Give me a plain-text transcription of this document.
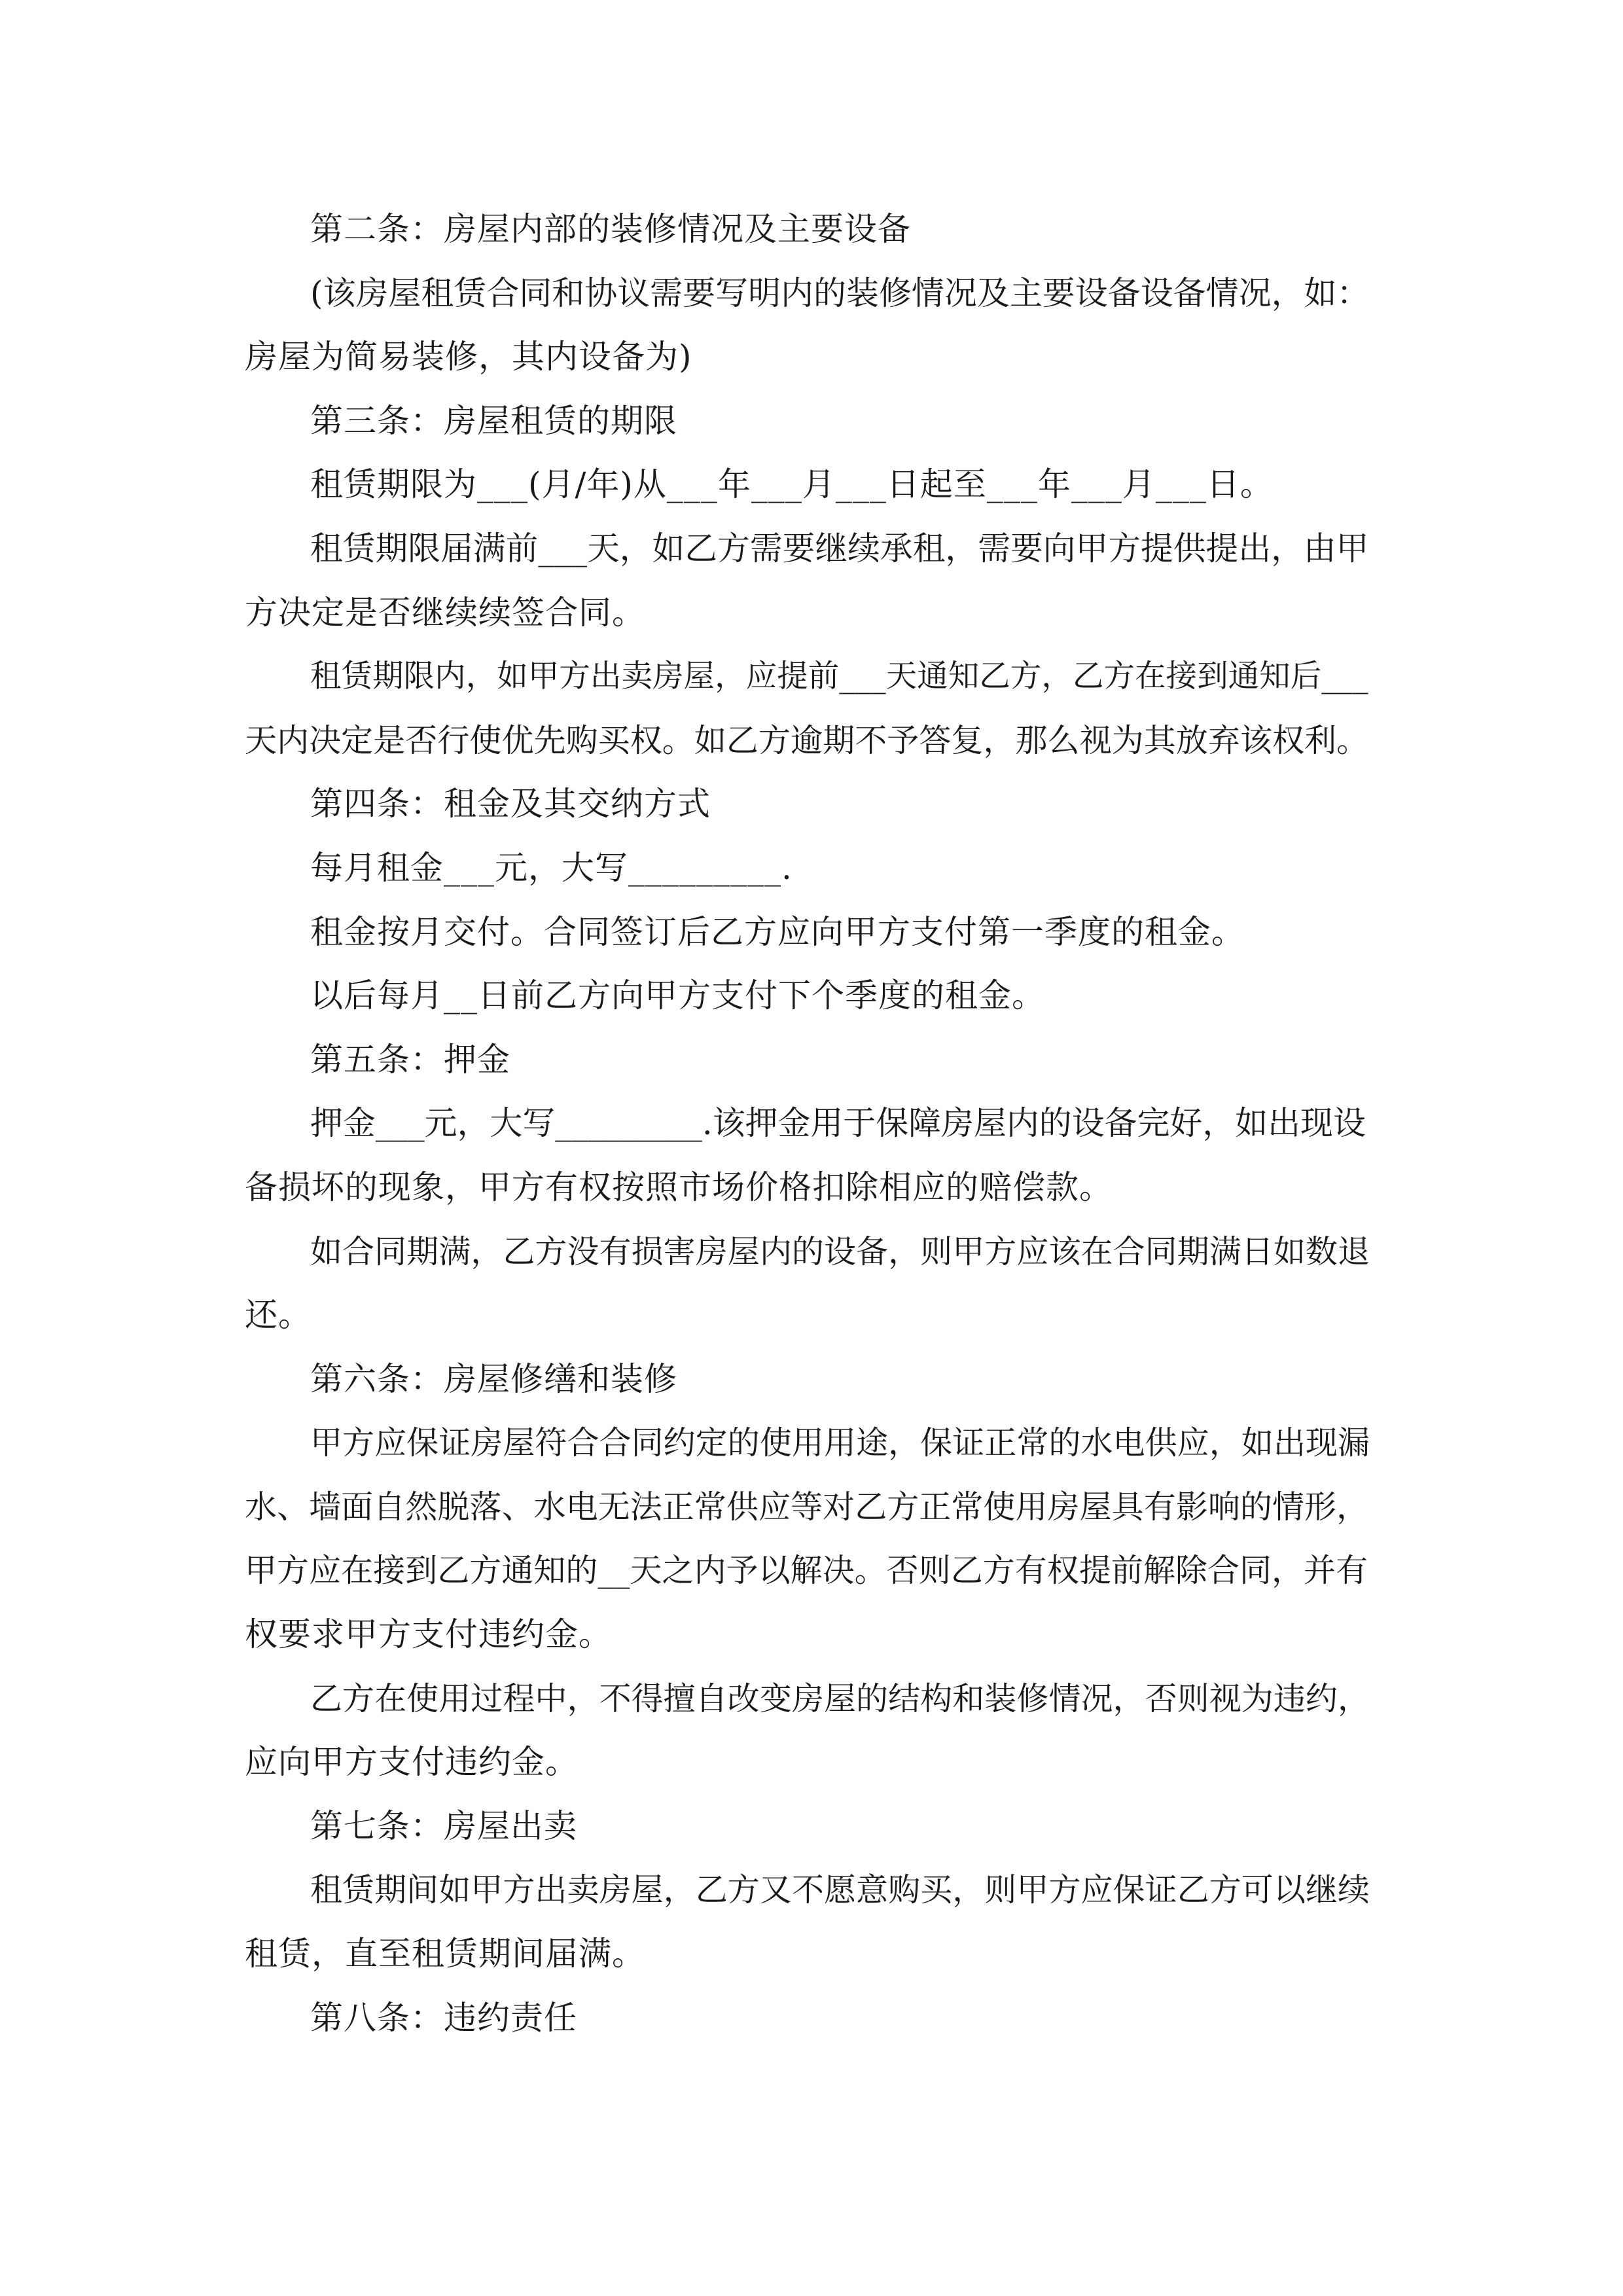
第二条：房屋内部的装修情况及主要设备
(该房屋租赁合同和协议需要写明内的装修情况及主要设备设备情况，如：
房屋为简易装修，其内设备为)
第三条：房屋租赁的期限
租赁期限为___(月/年)从___年___月___日起至___年___月___日。
租赁期限届满前___天，如乙方需要继续承租，需要向甲方提供提出，由甲
方决定是否继续续签合同。
租赁期限内，如甲方出卖房屋，应提前___天通知乙方，乙方在接到通知后___
天内决定是否行使优先购买权。如乙方逾期不予答复，那么视为其放弃该权利。
第四条：租金及其交纳方式
每月租金___元，大写_________.
租金按月交付。合同签订后乙方应向甲方支付第一季度的租金。
以后每月__日前乙方向甲方支付下个季度的租金。
第五条：押金
押金___元，大写_________.该押金用于保障房屋内的设备完好，如出现设
备损坏的现象，甲方有权按照市场价格扣除相应的赔偿款。
如合同期满，乙方没有损害房屋内的设备，则甲方应该在合同期满日如数退
还。
第六条：房屋修缮和装修
甲方应保证房屋符合合同约定的使用用途，保证正常的水电供应，如出现漏
水、墙面自然脱落、水电无法正常供应等对乙方正常使用房屋具有影响的情形，
甲方应在接到乙方通知的__天之内予以解决。否则乙方有权提前解除合同，并有
权要求甲方支付违约金。
乙方在使用过程中，不得擅自改变房屋的结构和装修情况，否则视为违约，
应向甲方支付违约金。
第七条：房屋出卖
租赁期间如甲方出卖房屋，乙方又不愿意购买，则甲方应保证乙方可以继续
租赁，直至租赁期间届满。
第八条：违约责任
